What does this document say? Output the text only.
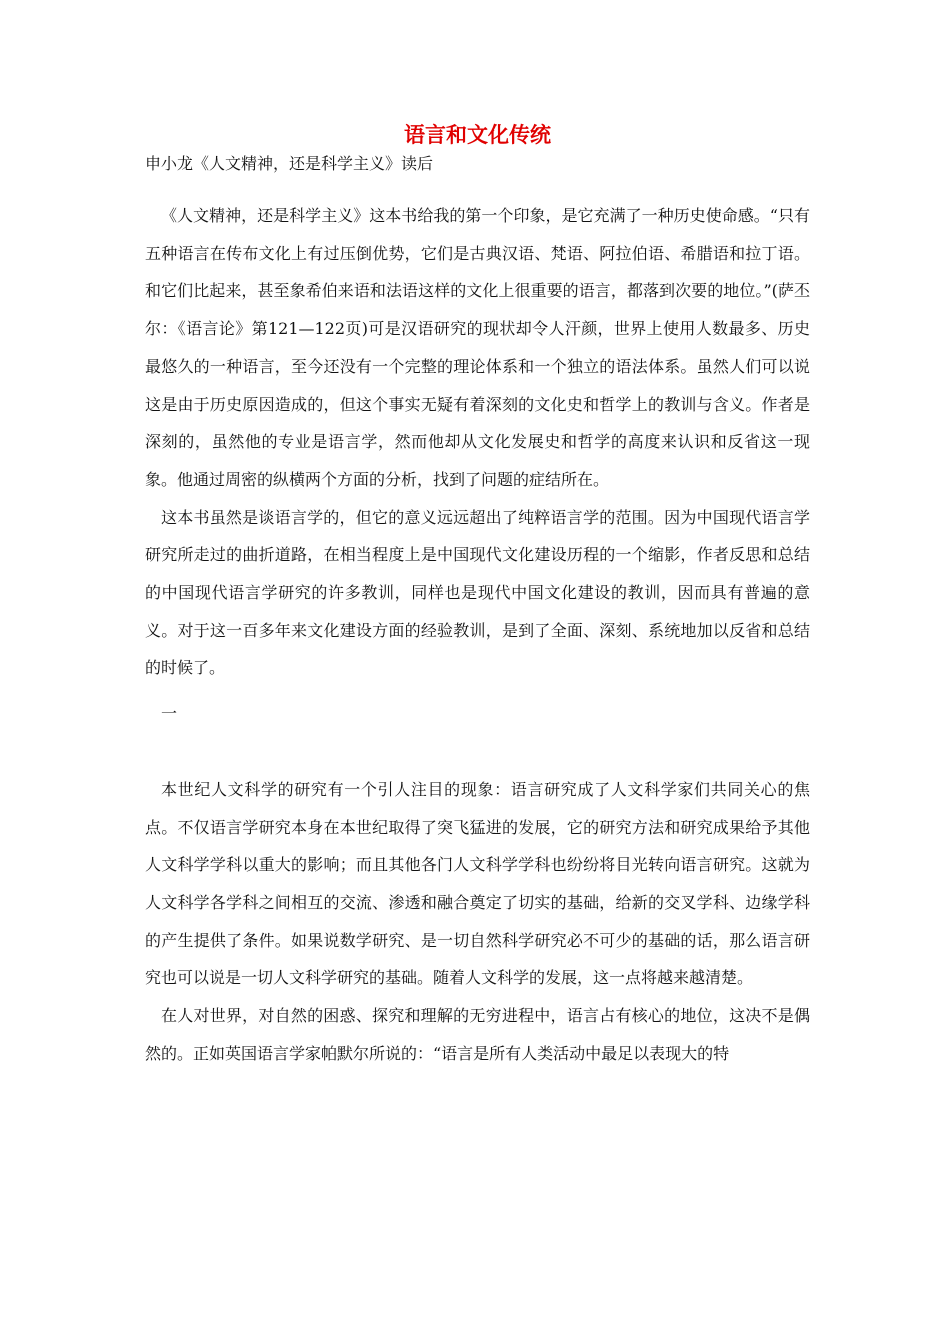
语言和文化传统

申小龙《人文精神，还是科学主义》读后

《人文精神，还是科学主义》这本书给我的第一个印象，是它充满了一种历史使命感。“只有五种语言在传布文化上有过压倒优势，它们是古典汉语、梵语、阿拉伯语、希腊语和拉丁语。和它们比起来，甚至象希伯来语和法语这样的文化上很重要的语言，都落到次要的地位。”(萨丕尔：《语言论》第121—122页)可是汉语研究的现状却令人汗颜，世界上使用人数最多、历史最悠久的一种语言，至今还没有一个完整的理论体系和一个独立的语法体系。虽然人们可以说这是由于历史原因造成的，但这个事实无疑有着深刻的文化史和哲学上的教训与含义。作者是深刻的，虽然他的专业是语言学，然而他却从文化发展史和哲学的高度来认识和反省这一现象。他通过周密的纵横两个方面的分析，找到了问题的症结所在。

这本书虽然是谈语言学的，但它的意义远远超出了纯粹语言学的范围。因为中国现代语言学研究所走过的曲折道路，在相当程度上是中国现代文化建设历程的一个缩影，作者反思和总结的中国现代语言学研究的许多教训，同样也是现代中国文化建设的教训，因而具有普遍的意义。对于这一百多年来文化建设方面的经验教训，是到了全面、深刻、系统地加以反省和总结的时候了。

一

本世纪人文科学的研究有一个引人注目的现象：语言研究成了人文科学家们共同关心的焦点。不仅语言学研究本身在本世纪取得了突飞猛进的发展，它的研究方法和研究成果给予其他人文科学学科以重大的影响；而且其他各门人文科学学科也纷纷将目光转向语言研究。这就为人文科学各学科之间相互的交流、渗透和融合奠定了切实的基础，给新的交叉学科、边缘学科的产生提供了条件。如果说数学研究、是一切自然科学研究必不可少的基础的话，那么语言研究也可以说是一切人文科学研究的基础。随着人文科学的发展，这一点将越来越清楚。

在人对世界，对自然的困惑、探究和理解的无穷进程中，语言占有核心的地位，这决不是偶然的。正如英国语言学家帕默尔所说的：“语言是所有人类活动中最足以表现大的特
